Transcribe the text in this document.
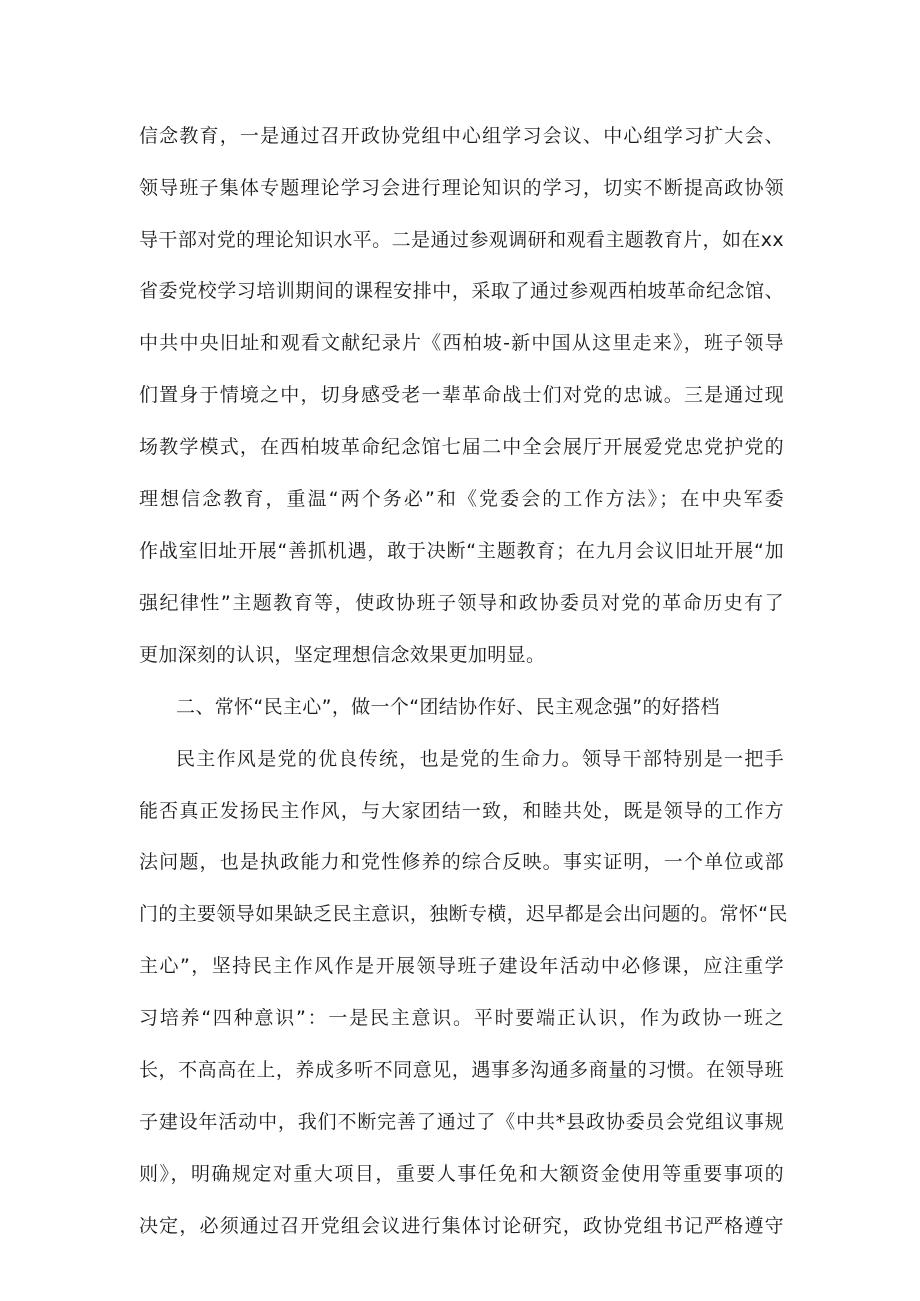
信念教育，一是通过召开政协党组中心组学习会议、中心组学习扩大会、
领导班子集体专题理论学习会进行理论知识的学习，切实不断提高政协领
导干部对党的理论知识水平。二是通过参观调研和观看主题教育片，如在xx
省委党校学习培训期间的课程安排中，采取了通过参观西柏坡革命纪念馆、
中共中央旧址和观看文献纪录片《西柏坡-新中国从这里走来》，班子领导
们置身于情境之中，切身感受老一辈革命战士们对党的忠诚。三是通过现
场教学模式，在西柏坡革命纪念馆七届二中全会展厅开展爱党忠党护党的
理想信念教育，重温“两个务必”和《党委会的工作方法》；在中央军委
作战室旧址开展“善抓机遇，敢于决断“主题教育；在九月会议旧址开展“加
强纪律性”主题教育等，使政协班子领导和政协委员对党的革命历史有了
更加深刻的认识，坚定理想信念效果更加明显。
二、常怀“民主心”，做一个“团结协作好、民主观念强”的好搭档
民主作风是党的优良传统，也是党的生命力。领导干部特别是一把手
能否真正发扬民主作风，与大家团结一致，和睦共处，既是领导的工作方
法问题，也是执政能力和党性修养的综合反映。事实证明，一个单位或部
门的主要领导如果缺乏民主意识，独断专横，迟早都是会出问题的。常怀“民
主心”，坚持民主作风作是开展领导班子建设年活动中必修课，应注重学
习培养“四种意识”：一是民主意识。平时要端正认识，作为政协一班之
长，不高高在上，养成多听不同意见，遇事多沟通多商量的习惯。在领导班
子建设年活动中，我们不断完善了通过了《中共*县政协委员会党组议事规
则》，明确规定对重大项目，重要人事任免和大额资金使用等重要事项的
决定，必须通过召开党组会议进行集体讨论研究，政协党组书记严格遵守
